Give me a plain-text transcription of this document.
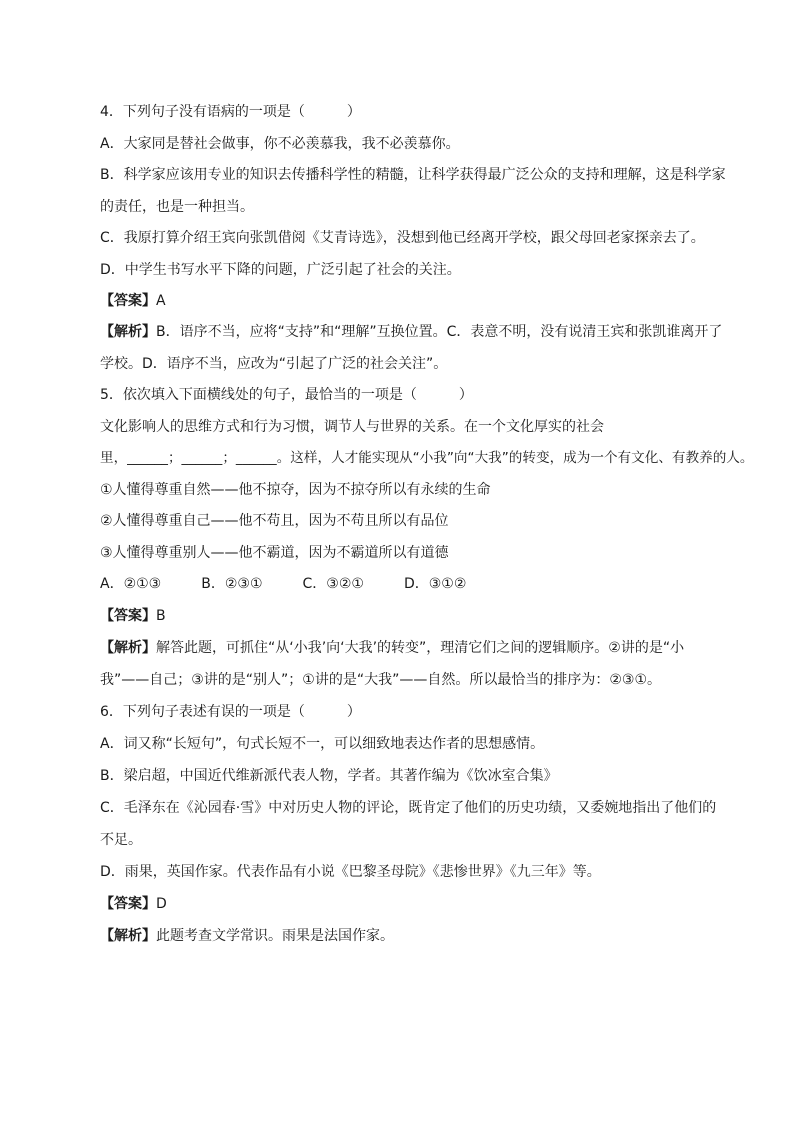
4．下列句子没有语病的一项是（　　　）
A．大家同是替社会做事，你不必羡慕我，我不必羡慕你。
B．科学家应该用专业的知识去传播科学性的精髓，让科学获得最广泛公众的支持和理解，这是科学家
的责任，也是一种担当。
C．我原打算介绍王宾向张凯借阅《艾青诗选》，没想到他已经离开学校，跟父母回老家探亲去了。
D．中学生书写水平下降的问题，广泛引起了社会的关注。
【答案】A
【解析】B．语序不当，应将“支持”和“理解”互换位置。C．表意不明，没有说清王宾和张凯谁离开了
学校。D．语序不当，应改为“引起了广泛的社会关注”。
5．依次填入下面横线处的句子，最恰当的一项是（　　　）
文化影响人的思维方式和行为习惯，调节人与世界的关系。在一个文化厚实的社会
里，______；______；______。这样，人才能实现从“小我”向“大我”的转变，成为一个有文化、有教养的人。
①人懂得尊重自然——他不掠夺，因为不掠夺所以有永续的生命
②人懂得尊重自己——他不苟且，因为不苟且所以有品位
③人懂得尊重别人——他不霸道，因为不霸道所以有道德
A．②①③	B．②③①	C．③②①	D．③①②
【答案】B
【解析】解答此题，可抓住“从‘小我’向‘大我’的转变”，理清它们之间的逻辑顺序。②讲的是“小
我”——自己；③讲的是“别人”；①讲的是“大我”——自然。所以最恰当的排序为：②③①。
6．下列句子表述有误的一项是（　　　）
A．词又称“长短句”，句式长短不一，可以细致地表达作者的思想感情。
B．梁启超，中国近代维新派代表人物，学者。其著作编为《饮冰室合集》
C．毛泽东在《沁园春·雪》中对历史人物的评论，既肯定了他们的历史功绩，又委婉地指出了他们的
不足。
D．雨果，英国作家。代表作品有小说《巴黎圣母院》《悲惨世界》《九三年》等。
【答案】D
【解析】此题考查文学常识。雨果是法国作家。
